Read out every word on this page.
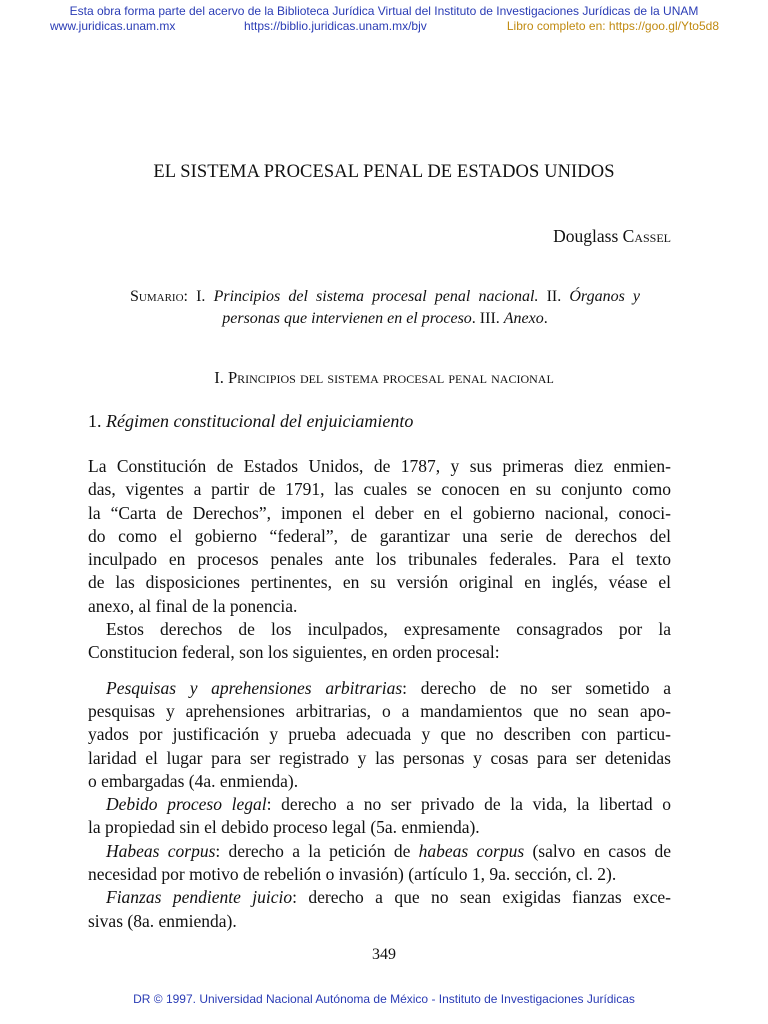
Esta obra forma parte del acervo de la Biblioteca Jurídica Virtual del Instituto de Investigaciones Jurídicas de la UNAM
www.juridicas.unam.mx	https://biblio.juridicas.unam.mx/bjv	Libro completo en: https://goo.gl/Yto5d8
EL SISTEMA PROCESAL PENAL DE ESTADOS UNIDOS
Douglass Cassel
Sumario: I. Principios del sistema procesal penal nacional. II. Órganos y personas que intervienen en el proceso. III. Anexo.
I. Principios del sistema procesal penal nacional
1. Régimen constitucional del enjuiciamiento

La Constitución de Estados Unidos, de 1787, y sus primeras diez enmien-

das, vigentes a partir de 1791, las cuales se conocen en su conjunto como

la “Carta de Derechos”, imponen el deber en el gobierno nacional, conoci-

do como el gobierno “federal”, de garantizar una serie de derechos del

inculpado en procesos penales ante los tribunales federales. Para el texto

de las disposiciones pertinentes, en su versión original en inglés, véase el

anexo, al final de la ponencia.

Estos derechos de los inculpados, expresamente consagrados por la

Constitucion federal, son los siguientes, en orden procesal:

Pesquisas y aprehensiones arbitrarias: derecho de no ser sometido a

pesquisas y aprehensiones arbitrarias, o a mandamientos que no sean apo-

yados por justificación y prueba adecuada y que no describen con particu-

laridad el lugar para ser registrado y las personas y cosas para ser detenidas

o embargadas (4a. enmienda).

Debido proceso legal: derecho a no ser privado de la vida, la libertad o

la propiedad sin el debido proceso legal (5a. enmienda).

Habeas corpus: derecho a la petición de habeas corpus (salvo en casos de

necesidad por motivo de rebelión o invasión) (artículo 1, 9a. sección, cl. 2).

Fianzas pendiente juicio: derecho a que no sean exigidas fianzas exce-

sivas (8a. enmienda).

349
DR © 1997. Universidad Nacional Autónoma de México - Instituto de Investigaciones Jurídicas
